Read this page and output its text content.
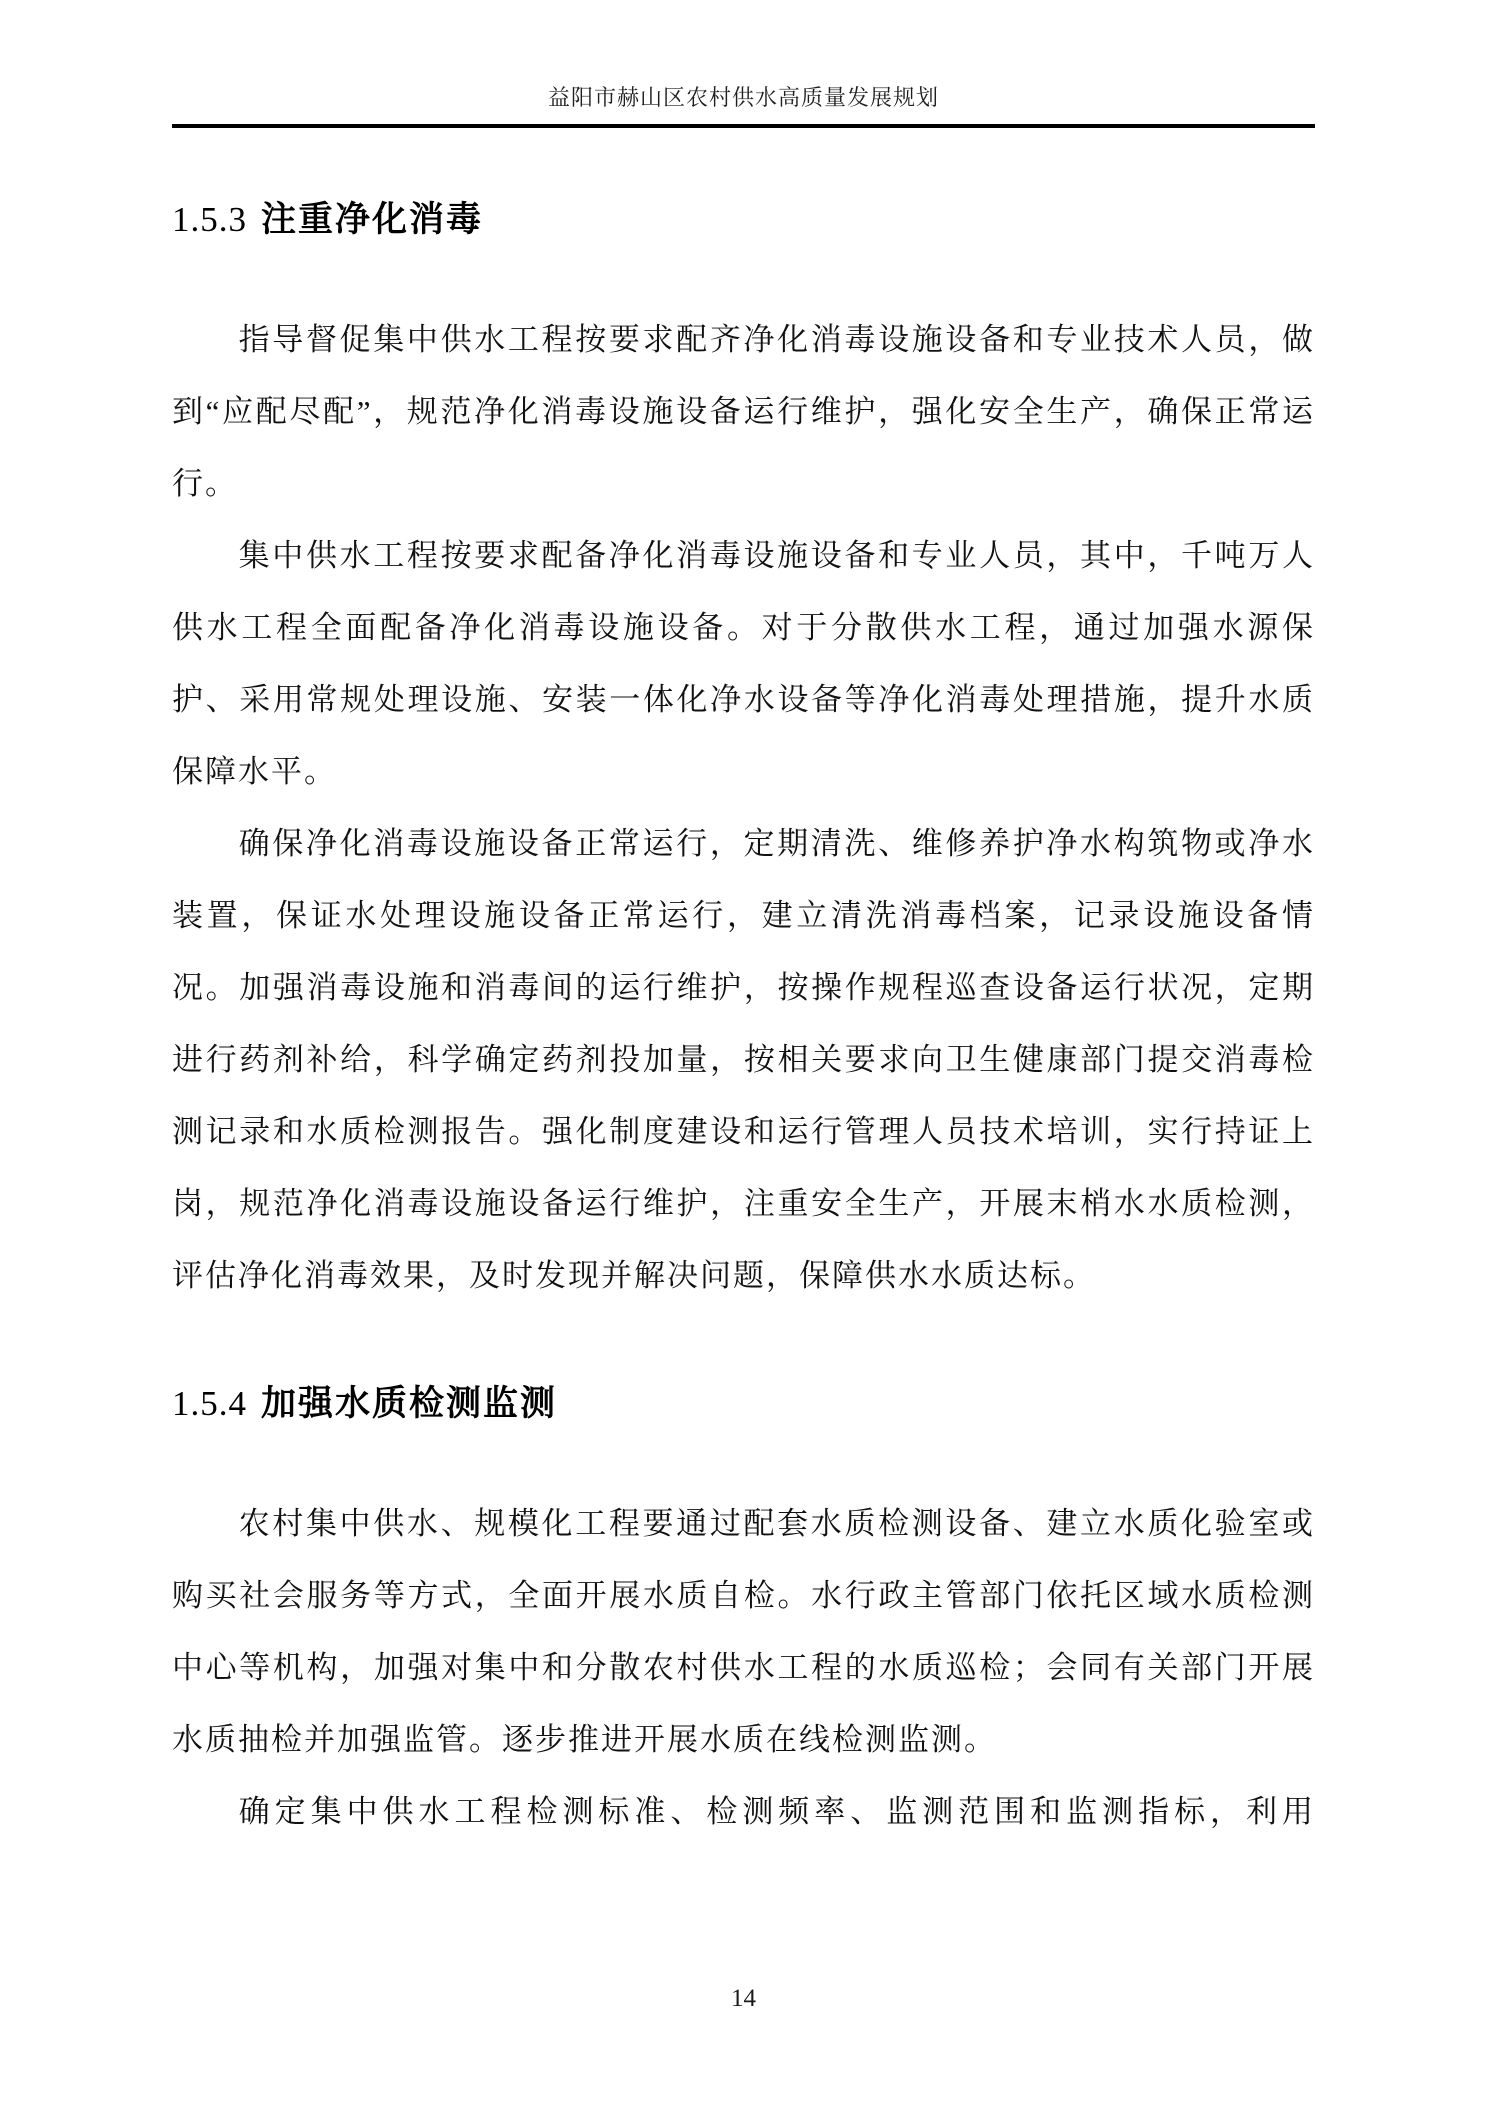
益阳市赫山区农村供水高质量发展规划
1.5.3 注重净化消毒

指导督促集中供水工程按要求配齐净化消毒设施设备和专业技术人员，做到“应配尽配”，规范净化消毒设施设备运行维护，强化安全生产，确保正常运行。

集中供水工程按要求配备净化消毒设施设备和专业人员，其中，千吨万人供水工程全面配备净化消毒设施设备。对于分散供水工程，通过加强水源保护、采用常规处理设施、安装一体化净水设备等净化消毒处理措施，提升水质保障水平。

确保净化消毒设施设备正常运行，定期清洗、维修养护净水构筑物或净水装置，保证水处理设施设备正常运行，建立清洗消毒档案，记录设施设备情况。加强消毒设施和消毒间的运行维护，按操作规程巡查设备运行状况，定期进行药剂补给，科学确定药剂投加量，按相关要求向卫生健康部门提交消毒检测记录和水质检测报告。强化制度建设和运行管理人员技术培训，实行持证上岗，规范净化消毒设施设备运行维护，注重安全生产，开展末梢水水质检测，评估净化消毒效果，及时发现并解决问题，保障供水水质达标。

1.5.4 加强水质检测监测

农村集中供水、规模化工程要通过配套水质检测设备、建立水质化验室或购买社会服务等方式，全面开展水质自检。水行政主管部门依托区域水质检测中心等机构，加强对集中和分散农村供水工程的水质巡检；会同有关部门开展水质抽检并加强监管。逐步推进开展水质在线检测监测。

确定集中供水工程检测标准、检测频率、监测范围和监测指标，利用

14
